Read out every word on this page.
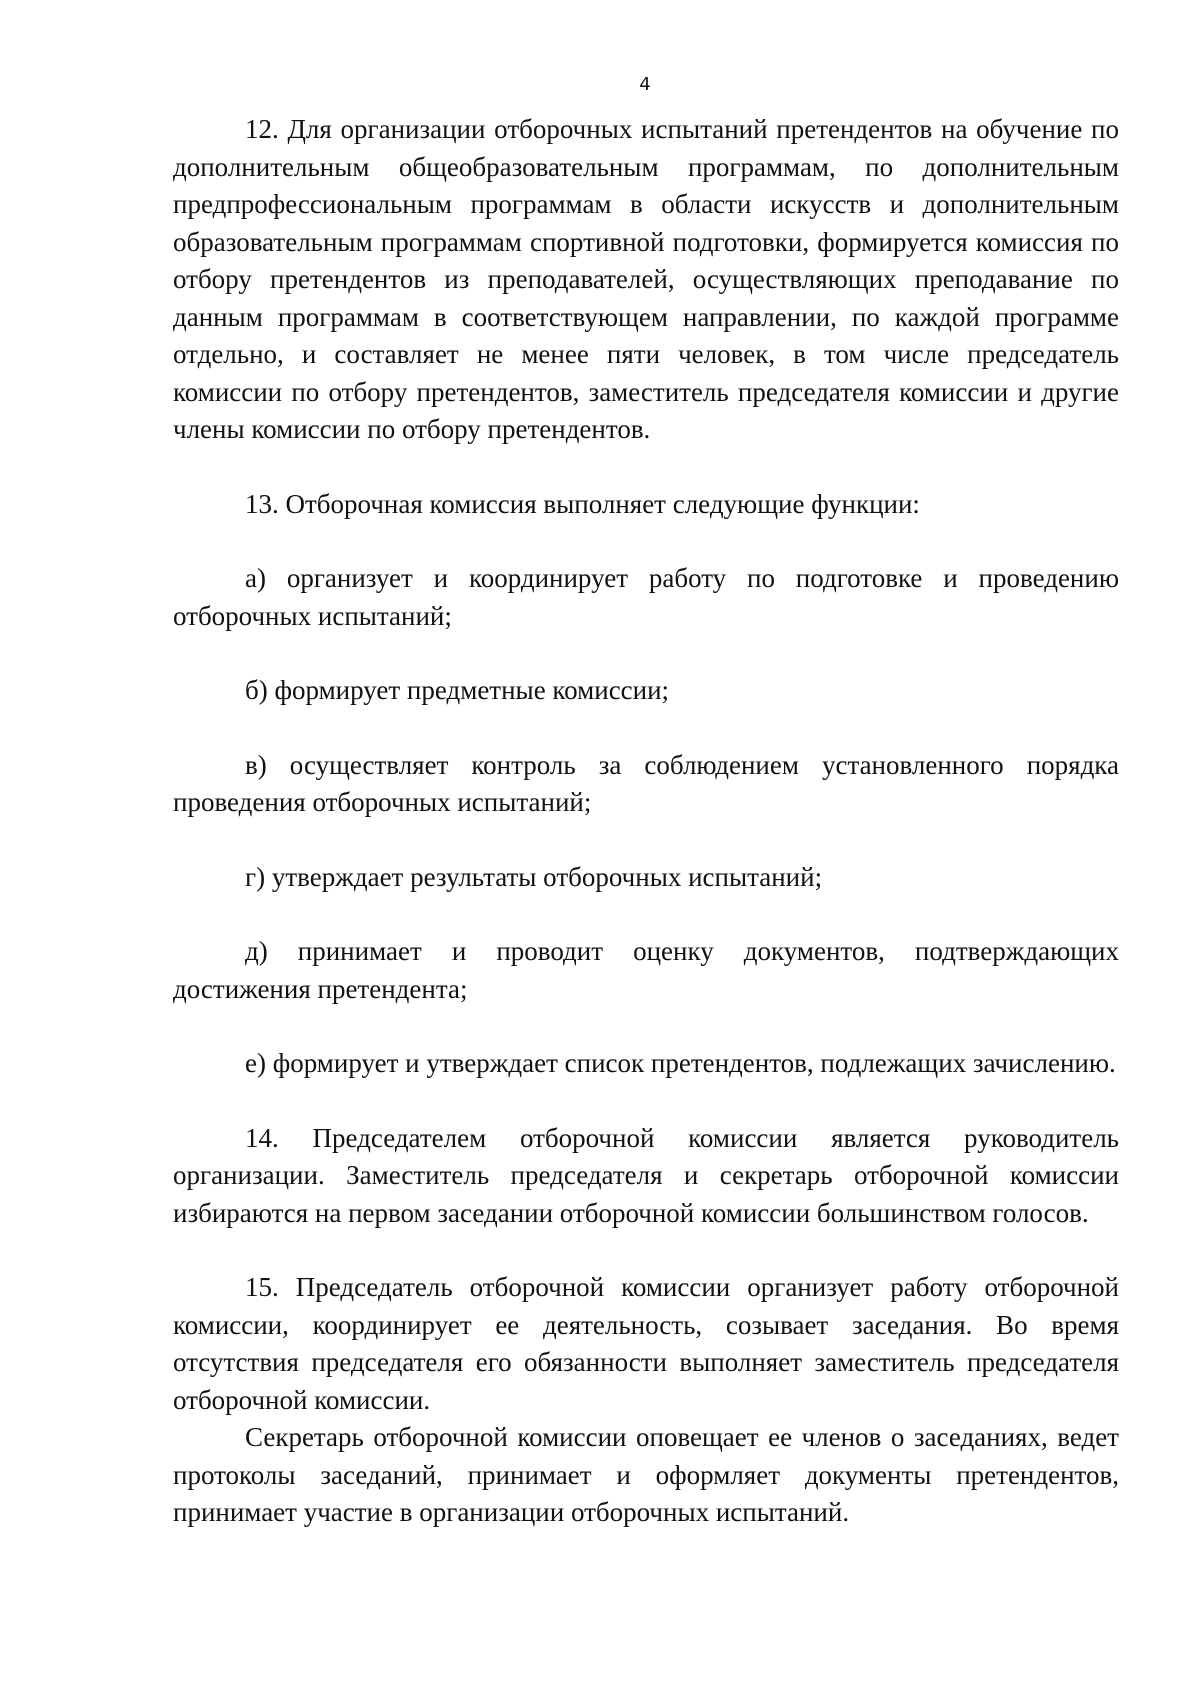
4

12. Для организации отборочных испытаний претендентов на обучение по дополнительным общеобразовательным программам, по дополнительным предпрофессиональным программам в области искусств и дополнительным образовательным программам спортивной подготовки, формируется комиссия по отбору претендентов из преподавателей, осуществляющих преподавание по данным программам в соответствующем направлении, по каждой программе отдельно, и составляет не менее пяти человек, в том числе председатель комиссии по отбору претендентов, заместитель председателя комиссии и другие члены комиссии по отбору претендентов.

13. Отборочная комиссия выполняет следующие функции:

а) организует и координирует работу по подготовке и проведению отборочных испытаний;

б) формирует предметные комиссии;

в) осуществляет контроль за соблюдением установленного порядка проведения отборочных испытаний;

г) утверждает результаты отборочных испытаний;

д) принимает и проводит оценку документов, подтверждающих достижения претендента;

е) формирует и утверждает список претендентов, подлежащих зачислению.

14. Председателем отборочной комиссии является руководитель организации. Заместитель председателя и секретарь отборочной комиссии избираются на первом заседании отборочной комиссии большинством голосов.

15. Председатель отборочной комиссии организует работу отборочной комиссии, координирует ее деятельность, созывает заседания. Во время отсутствия председателя его обязанности выполняет заместитель председателя отборочной комиссии.

Секретарь отборочной комиссии оповещает ее членов о заседаниях, ведет протоколы заседаний, принимает и оформляет документы претендентов, принимает участие в организации отборочных испытаний.
